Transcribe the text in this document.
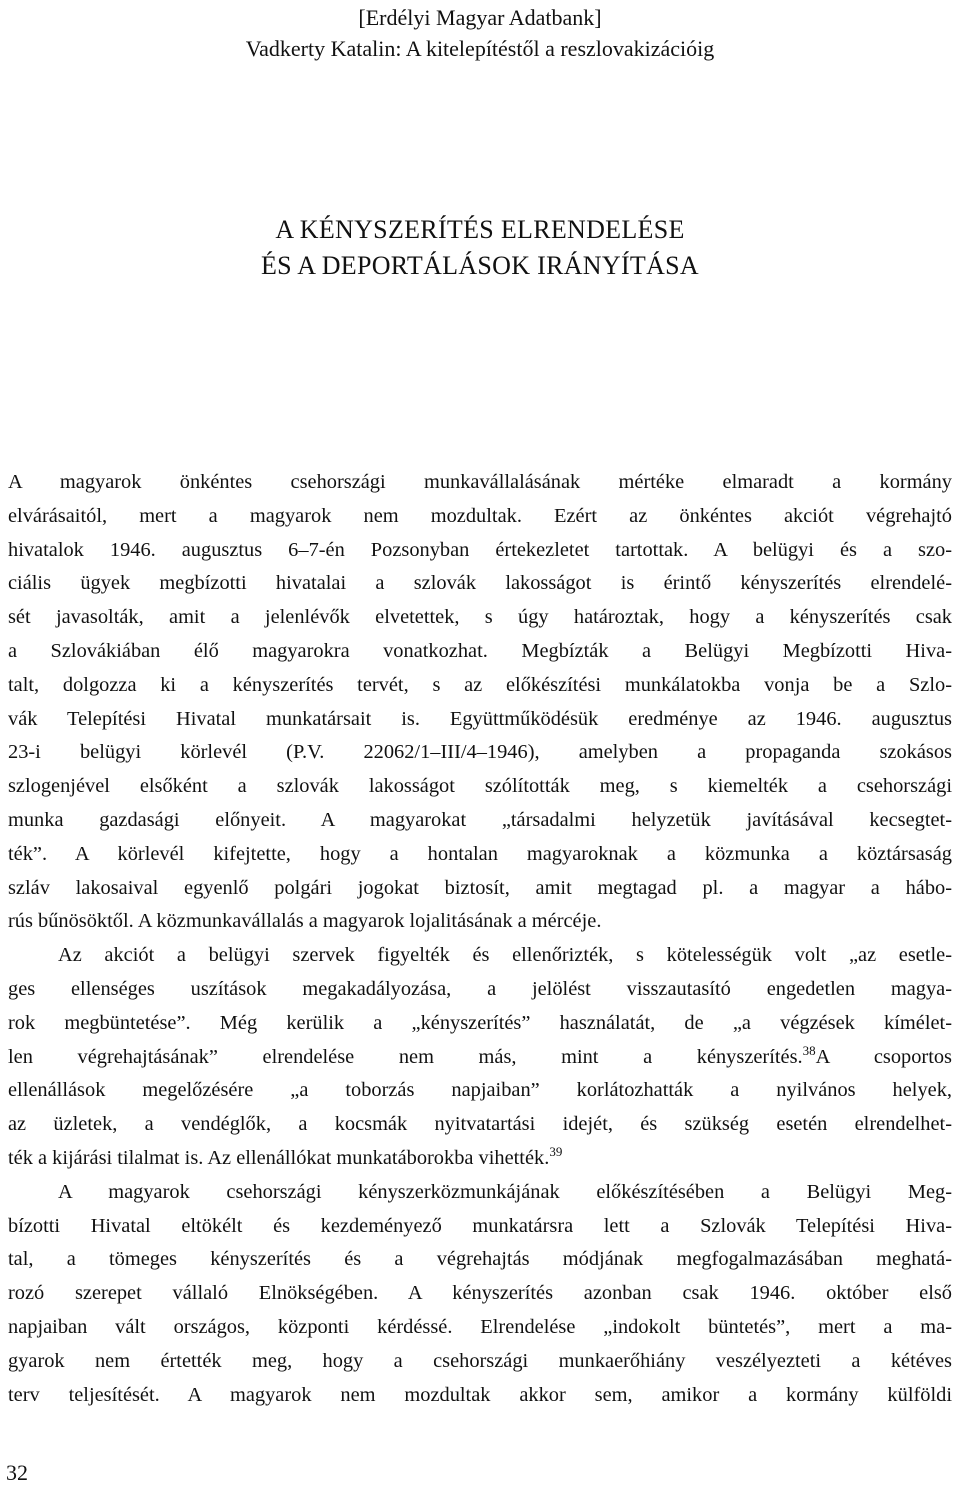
[Erdélyi Magyar Adatbank]
Vadkerty Katalin: A kitelepítéstől a reszlovakizációig
A KÉNYSZERÍTÉS ELRENDELÉSE
ÉS A DEPORTÁLÁSOK IRÁNYÍTÁSA
A magyarok önkéntes csehországi munkavállalásának mértéke elmaradt a kormány
elvárásaitól, mert a magyarok nem mozdultak. Ezért az önkéntes akciót végrehajtó
hivatalok 1946. augusztus 6–7-én Pozsonyban értekezletet tartottak. A belügyi és a szo-
ciális ügyek megbízotti hivatalai a szlovák lakosságot is érintő kényszerítés elrendelé-
sét javasolták, amit a jelenlévők elvetettek, s úgy határoztak, hogy a kényszerítés csak
a Szlovákiában élő magyarokra vonatkozhat. Megbízták a Belügyi Megbízotti Hiva-
talt, dolgozza ki a kényszerítés tervét, s az előkészítési munkálatokba vonja be a Szlo-
vák Telepítési Hivatal munkatársait is. Együttműködésük eredménye az 1946. augusztus
23-i belügyi körlevél (P.V. 22062/1–III/4–1946), amelyben a propaganda szokásos
szlogenjével elsőként a szlovák lakosságot szólították meg, s kiemelték a csehországi
munka gazdasági előnyeit. A magyarokat „társadalmi helyzetük javításával kecsegtet-
ték”. A körlevél kifejtette, hogy a hontalan magyaroknak a közmunka a köztársaság
szláv lakosaival egyenlő polgári jogokat biztosít, amit megtagad pl. a magyar a hábo-
rús bűnösöktől. A közmunkavállalás a magyarok lojalitásának a mércéje.
Az akciót a belügyi szervek figyelték és ellenőrizték, s kötelességük volt „az esetle-
ges ellenséges uszítások megakadályozása, a jelölést visszautasító engedetlen magya-
rok megbüntetése”. Még kerülik a „kényszerítés” használatát, de „a végzések kímélet-
len végrehajtásának” elrendelése nem más, mint a kényszerítés.$^{38}$A csoportos
ellenállások megelőzésére „a toborzás napjaiban” korlátozhatták a nyilvános helyek,
az üzletek, a vendéglők, a kocsmák nyitvatartási idejét, és szükség esetén elrendelhet-
ték a kijárási tilalmat is. Az ellenállókat munkatáborokba vihették.$^{39}$
A magyarok csehországi kényszerközmunkájának előkészítésében a Belügyi Meg-
bízotti Hivatal eltökélt és kezdeményező munkatársra lett a Szlovák Telepítési Hiva-
tal, a tömeges kényszerítés és a végrehajtás módjának megfogalmazásában meghatá-
rozó szerepet vállaló Elnökségében. A kényszerítés azonban csak 1946. október első
napjaiban vált országos, központi kérdéssé. Elrendelése „indokolt büntetés”, mert a ma-
gyarok nem értették meg, hogy a csehországi munkaerőhiány veszélyezteti a kétéves
terv teljesítését. A magyarok nem mozdultak akkor sem, amikor a kormány külföldi
32
